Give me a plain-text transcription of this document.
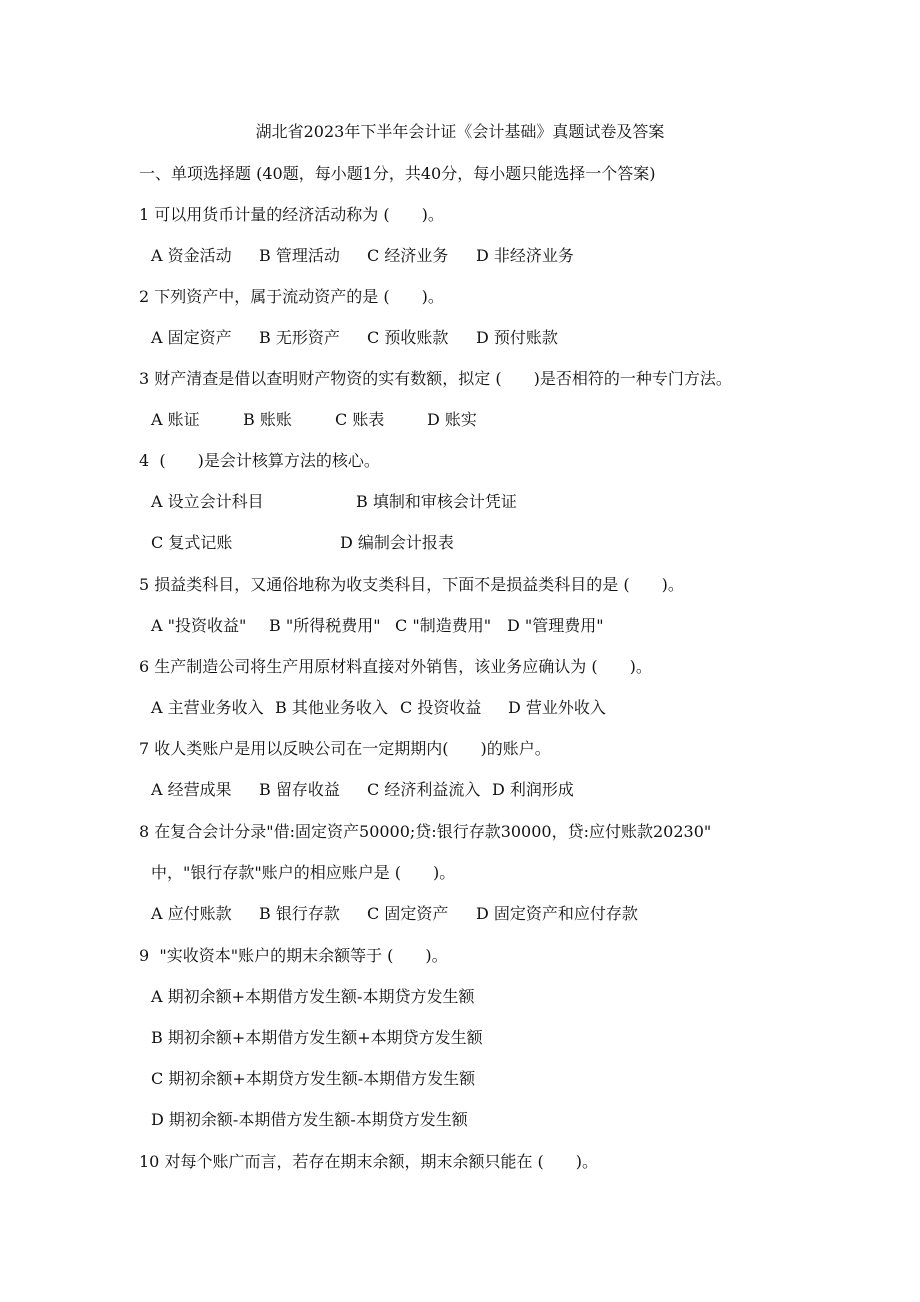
湖北省2023年下半年会计证《会计基础》真题试卷及答案
一、单项选择题 (40题，每小题1分，共40分，每小题只能选择一个答案)
1 可以用货币计量的经济活动称为 (　　)。
A 资金活动 B 管理活动 C 经济业务 D 非经济业务
2 下列资产中，属于流动资产的是 (　　)。
A 固定资产 B 无形资产 C 预收账款 D 预付账款
3 财产清查是借以查明财产物资的实有数额，拟定 (　　)是否相符的一种专门方法。
A 账证	B 账账	C 账表	D 账实
4  (　　)是会计核算方法的核心。
A 设立会计科目	B 填制和审核会计凭证
C 复式记账	D 编制会计报表
5 损益类科目，又通俗地称为收支类科目，下面不是损益类科目的是 (　　)。
A "投资收益" B "所得税费用" C "制造费用" D "管理费用"
6 生产制造公司将生产用原材料直接对外销售，该业务应确认为 (　　)。
A 主营业务收入 B 其他业务收入 C 投资收益 D 营业外收入
7 收人类账户是用以反映公司在一定期期内(　　)的账户。
A 经营成果 B 留存收益 C 经济利益流入 D 利润形成
8 在复合会计分录"借:固定资产50000;贷:银行存款30000，贷:应付账款20230"
中，"银行存款"账户的相应账户是 (　　)。
A 应付账款 B 银行存款 C 固定资产 D 固定资产和应付存款
9  "实收资本"账户的期末余额等于 (　　)。
A 期初余额+本期借方发生额-本期贷方发生额
B 期初余额+本期借方发生额+本期贷方发生额
C 期初余额+本期贷方发生额-本期借方发生额
D 期初余额-本期借方发生额-本期贷方发生额
10 对每个账广而言，若存在期末余额，期末余额只能在 (　　)。
